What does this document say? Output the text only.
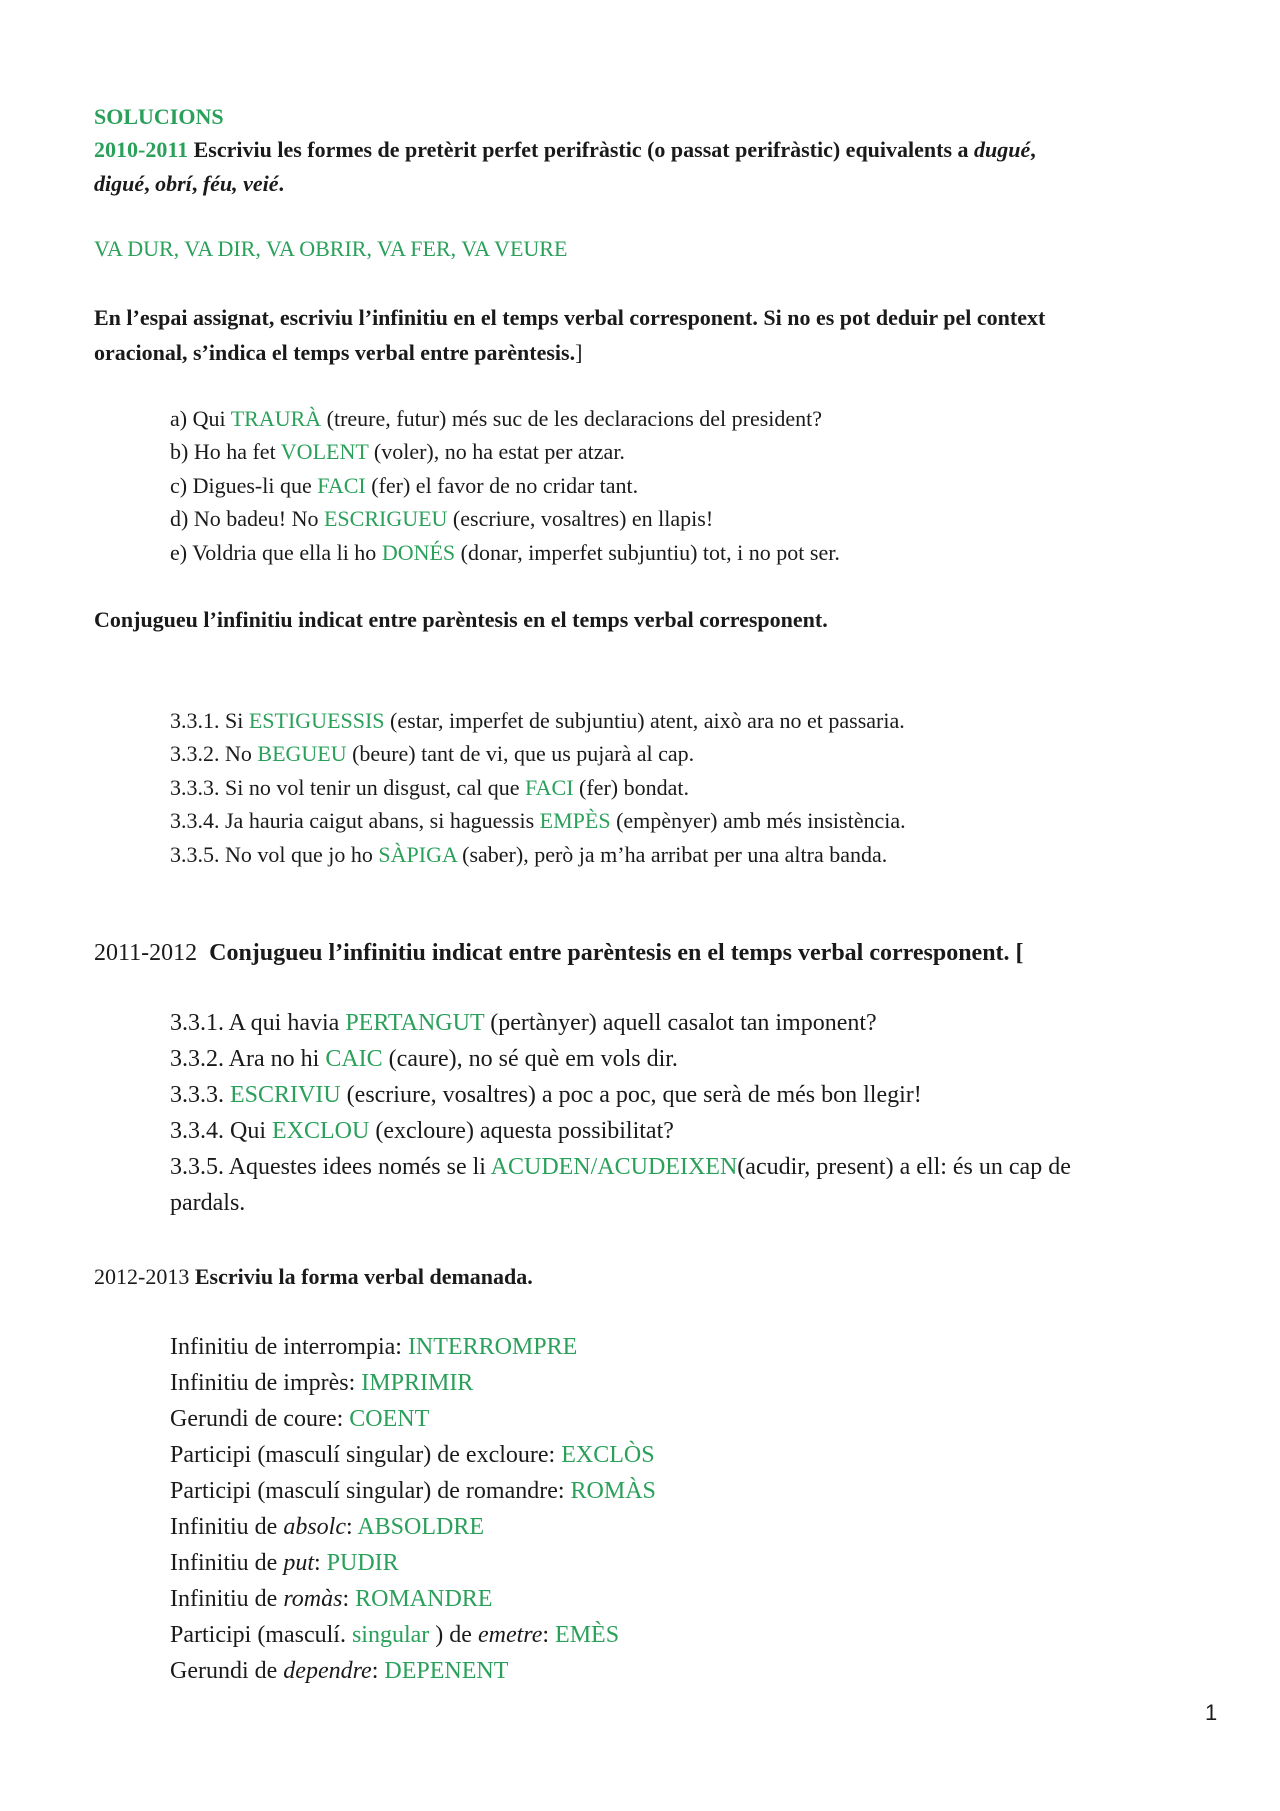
SOLUCIONS
2010-2011 Escriviu les formes de pretèrit perfet perifràstic (o passat perifràstic) equivalents a dugué,
digué, obrí, féu, veié.
VA DUR, VA DIR, VA OBRIR, VA FER, VA VEURE
En l’espai assignat, escriviu l’infinitiu en el temps verbal corresponent. Si no es pot deduir pel context
oracional, s’indica el temps verbal entre parèntesis.]
a) Qui TRAURÀ (treure, futur) més suc de les declaracions del president?
b) Ho ha fet VOLENT (voler), no ha estat per atzar.
c) Digues-li que FACI (fer) el favor de no cridar tant.
d) No badeu! No ESCRIGUEU (escriure, vosaltres) en llapis!
e) Voldria que ella li ho DONÉS (donar, imperfet subjuntiu) tot, i no pot ser.
Conjugueu l’infinitiu indicat entre parèntesis en el temps verbal corresponent.
3.3.1. Si ESTIGUESSIS (estar, imperfet de subjuntiu) atent, això ara no et passaria.
3.3.2. No BEGUEU (beure) tant de vi, que us pujarà al cap.
3.3.3. Si no vol tenir un disgust, cal que FACI (fer) bondat.
3.3.4. Ja hauria caigut abans, si haguessis EMPÈS (empènyer) amb més insistència.
3.3.5. No vol que jo ho SÀPIGA (saber), però ja m’ha arribat per una altra banda.
2011-2012 Conjugueu l’infinitiu indicat entre parèntesis en el temps verbal corresponent. [
3.3.1. A qui havia PERTANGUT (pertànyer) aquell casalot tan imponent?
3.3.2. Ara no hi CAIC (caure), no sé què em vols dir.
3.3.3. ESCRIVIU (escriure, vosaltres) a poc a poc, que serà de més bon llegir!
3.3.4. Qui EXCLOU (excloure) aquesta possibilitat?
3.3.5. Aquestes idees només se li ACUDEN/ACUDEIXEN(acudir, present) a ell: és un cap de
pardals.
2012-2013 Escriviu la forma verbal demanada.
Infinitiu de interrompia: INTERROMPRE
Infinitiu de imprès: IMPRIMIR
Gerundi de coure: COENT
Participi (masculí singular) de excloure: EXCLÒS
Participi (masculí singular) de romandre: ROMÀS
Infinitiu de absolc: ABSOLDRE
Infinitiu de put: PUDIR
Infinitiu de romàs: ROMANDRE
Participi (masculí. singular ) de emetre: EMÈS
Gerundi de dependre: DEPENENT
1
